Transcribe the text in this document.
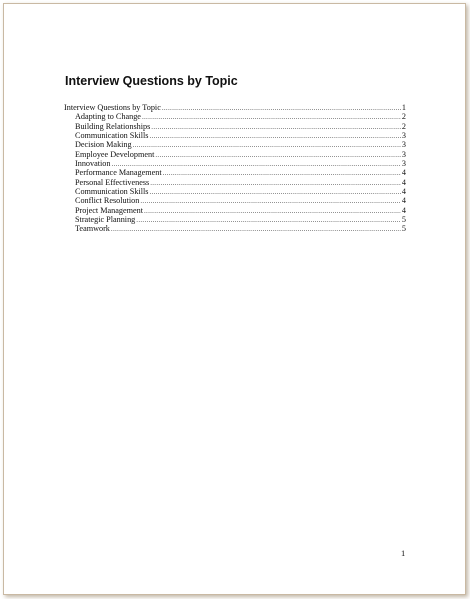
Interview Questions by Topic
Interview Questions by Topic .....	1
Adapting to Change .....	2
Building Relationships .....	2
Communication Skills .....	3
Decision Making .....	3
Employee Development .....	3
Innovation .....	3
Performance Management .....	4
Personal Effectiveness .....	4
Communication Skills .....	4
Conflict Resolution .....	4
Project Management .....	4
Strategic Planning .....	5
Teamwork .....	5
1
